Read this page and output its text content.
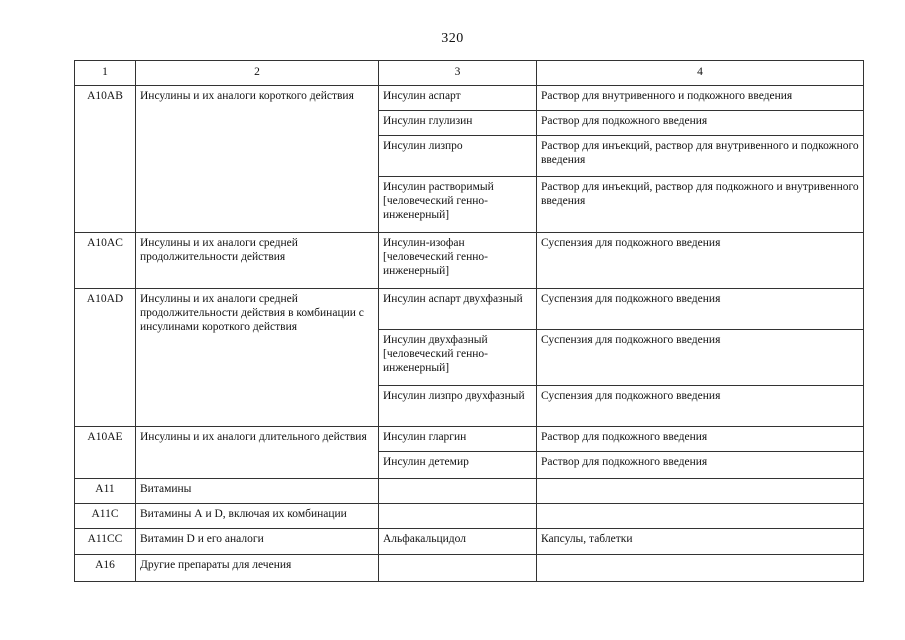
320
1	2	3	4
A10AB	Инсулины и их аналоги короткого действия	Инсулин аспарт	Раствор для внутривенного и подкожного введения
		Инсулин глулизин	Раствор для подкожного введения
		Инсулин лизпро	Раствор для инъекций, раствор для внутривенного и подкожного введения
		Инсулин растворимый [человеческий генно-инженерный]	Раствор для инъекций, раствор для подкожного и внутривенного введения
A10AC	Инсулины и их аналоги средней продолжительности действия	Инсулин-изофан [человеческий генно-инженерный]	Суспензия для подкожного введения
A10AD	Инсулины и их аналоги средней продолжительности действия в комбинации с инсулинами короткого действия	Инсулин аспарт двухфазный	Суспензия для подкожного введения
		Инсулин двухфазный [человеческий генно-инженерный]	Суспензия для подкожного введения
		Инсулин лизпро двухфазный	Суспензия для подкожного введения
A10AE	Инсулины и их аналоги длительного действия	Инсулин гларгин	Раствор для подкожного введения
		Инсулин детемир	Раствор для подкожного введения
A11	Витамины		
A11C	Витамины А и D, включая их комбинации		
A11CC	Витамин D и его аналоги	Альфакальцидол	Капсулы, таблетки
A16	Другие препараты для лечения		
